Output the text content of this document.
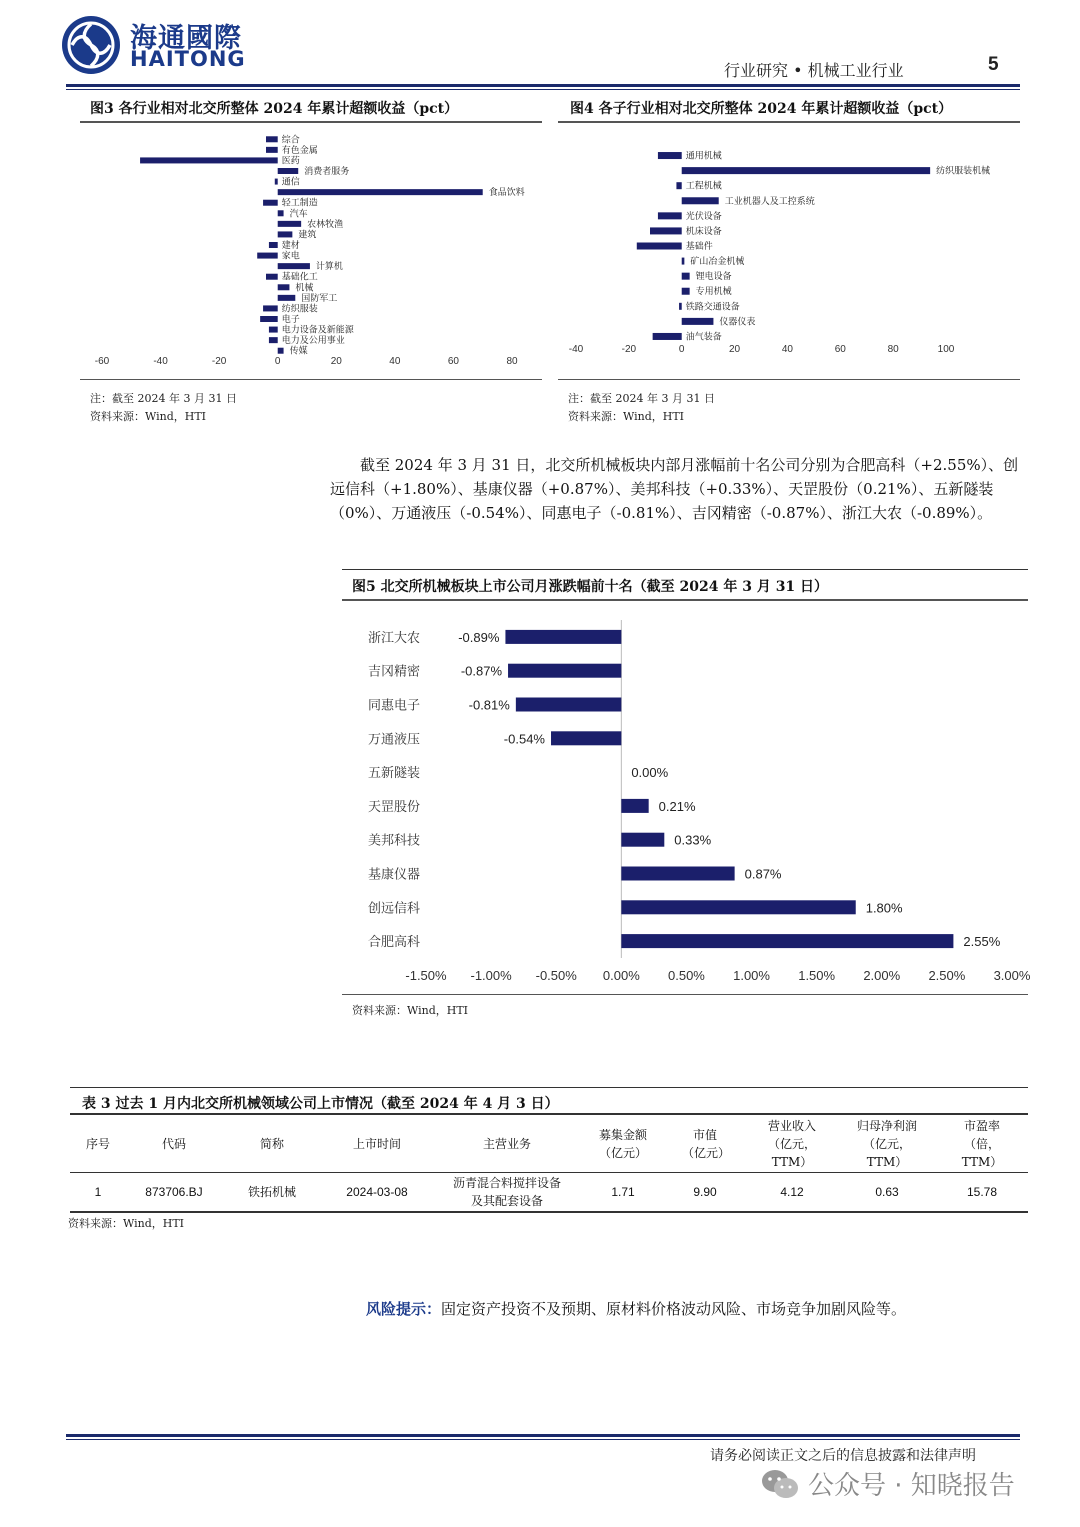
海通國際
HAITONG	行业研究 • 机械工业行业	5
图3 各行业相对北交所整体 2024 年累计超额收益（pct）
综合
有色金属
医药
消费者服务
通信
食品饮料
轻工制造
汽车
农林牧渔
建筑
建材
家电
计算机
基础化工
机械
国防军工
纺织服装
电子
电力设备及新能源
电力及公用事业
传媒
-60	-40	-20	0	20	40	60	80
注：截至 2024 年 3 月 31 日
资料来源：Wind，HTI
图4 各子行业相对北交所整体 2024 年累计超额收益（pct）
通用机械
纺织服装机械
工程机械
工业机器人及工控系统
光伏设备
机床设备
基础件
矿山冶金机械
锂电设备
专用机械
铁路交通设备
仪器仪表
油气装备
-40	-20	0	20	40	60	80	100
注：截至 2024 年 3 月 31 日
资料来源：Wind，HTI
截至 2024 年 3 月 31 日，北交所机械板块内部月涨幅前十名公司分别为合肥高科（+2.55%）、创远信科（+1.80%）、基康仪器（+0.87%）、美邦科技（+0.33%）、天罡股份（0.21%）、五新隧装（0%）、万通液压（-0.54%）、同惠电子（-0.81%）、吉冈精密（-0.87%）、浙江大农（-0.89%）。
图5 北交所机械板块上市公司月涨跌幅前十名（截至 2024 年 3 月 31 日）
浙江大农	-0.89%
吉冈精密	-0.87%
同惠电子	-0.81%
万通液压	-0.54%
五新隧装	0.00%
天罡股份	0.21%
美邦科技	0.33%
基康仪器	0.87%
创远信科	1.80%
合肥高科	2.55%
-1.50% -1.00% -0.50% 0.00% 0.50% 1.00% 1.50% 2.00% 2.50% 3.00%
资料来源：Wind，HTI
表 3 过去 1 月内北交所机械领域公司上市情况（截至 2024 年 4 月 3 日）
序号	代码	简称	上市时间	主营业务	募集金额（亿元）	市值（亿元）	营业收入（亿元，TTM）	归母净利润（亿元，TTM）	市盈率（倍，TTM）
1	873706.BJ	铁拓机械	2024-03-08	沥青混合料搅拌设备及其配套设备	1.71	9.90	4.12	0.63	15.78
资料来源：Wind，HTI
风险提示：固定资产投资不及预期、原材料价格波动风险、市场竞争加剧风险等。
请务必阅读正文之后的信息披露和法律声明
公众号 · 知晓报告
